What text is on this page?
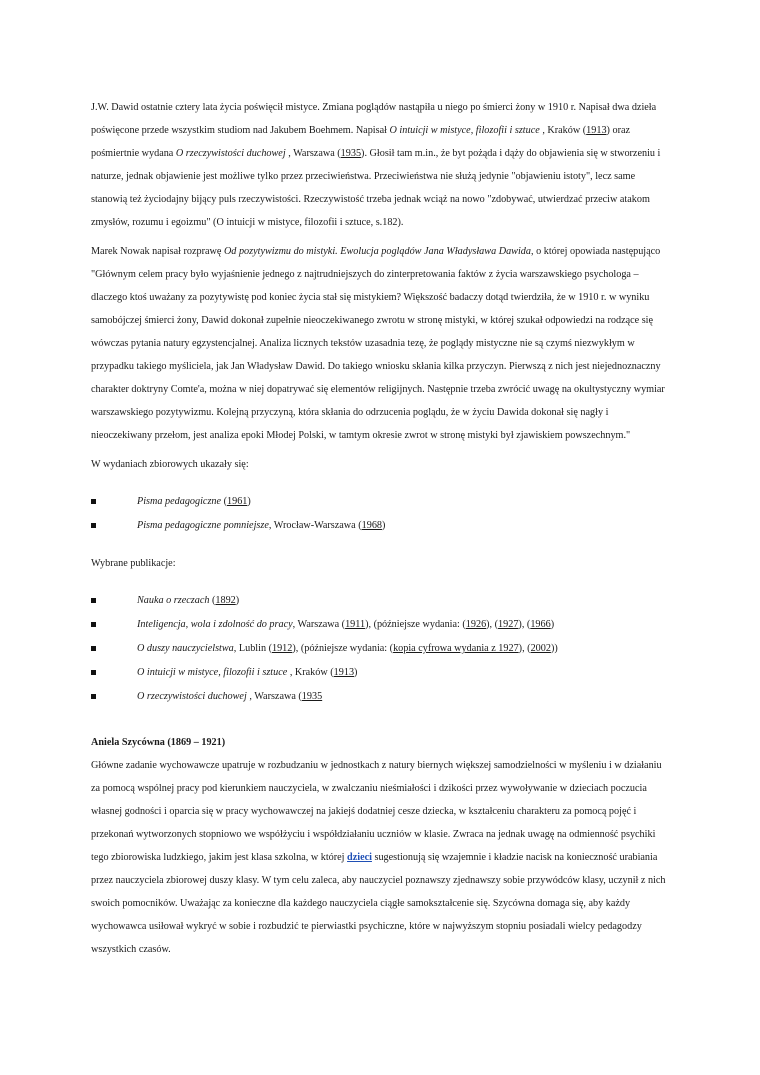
J.W. Dawid ostatnie cztery lata życia poświęcił mistyce. Zmiana poglądów nastąpiła u niego po śmierci żony w 1910 r. Napisał dwa dzieła poświęcone przede wszystkim studiom nad Jakubem Boehmem. Napisał O intuicji w mistyce, filozofii i sztuce , Kraków (1913) oraz pośmiertnie wydana O rzeczywistości duchowej , Warszawa (1935). Głosił tam m.in., że byt pożąda i dąży do objawienia się w stworzeniu i naturze, jednak objawienie jest możliwe tylko przez przeciwieństwa. Przeciwieństwa nie służą jedynie "objawieniu istoty", lecz same stanowią też życiodajny bijący puls rzeczywistości. Rzeczywistość trzeba jednak wciąż na nowo "zdobywać, utwierdzać przeciw atakom zmysłów, rozumu i egoizmu" (O intuicji w mistyce, filozofii i sztuce, s.182).

Marek Nowak napisał rozprawę Od pozytywizmu do mistyki. Ewolucja poglądów Jana Władysława Dawida, o której opowiada następująco "Głównym celem pracy było wyjaśnienie jednego z najtrudniejszych do zinterpretowania faktów z życia warszawskiego psychologa – dlaczego ktoś uważany za pozytywistę pod koniec życia stał się mistykiem? Większość badaczy dotąd twierdziła, że w 1910 r. w wyniku samobójczej śmierci żony, Dawid dokonał zupełnie nieoczekiwanego zwrotu w stronę mistyki, w której szukał odpowiedzi na rodzące się wówczas pytania natury egzystencjalnej. Analiza licznych tekstów uzasadnia tezę, że poglądy mistyczne nie są czymś niezwykłym w przypadku takiego myśliciela, jak Jan Władysław Dawid. Do takiego wniosku skłania kilka przyczyn. Pierwszą z nich jest niejednoznaczny charakter doktryny Comte'a, można w niej dopatrywać się elementów religijnych. Następnie trzeba zwrócić uwagę na okultystyczny wymiar warszawskiego pozytywizmu. Kolejną przyczyną, która skłania do odrzucenia poglądu, że w życiu Dawida dokonał się nagły i nieoczekiwany przełom, jest analiza epoki Młodej Polski, w tamtym okresie zwrot w stronę mistyki był zjawiskiem powszechnym."

W wydaniach zbiorowych ukazały się:

Pisma pedagogiczne (1961)
Pisma pedagogiczne pomniejsze, Wrocław-Warszawa (1968)

Wybrane publikacje:

Nauka o rzeczach (1892)
Inteligencja, wola i zdolność do pracy, Warszawa (1911), (późniejsze wydania: (1926), (1927), (1966)
O duszy nauczycielstwa, Lublin (1912), (późniejsze wydania: (kopia cyfrowa wydania z 1927), (2002))
O intuicji w mistyce, filozofii i sztuce , Kraków (1913)
O rzeczywistości duchowej , Warszawa (1935

Aniela Szycówna (1869 – 1921)

Główne zadanie wychowawcze upatruje w rozbudzaniu w jednostkach z natury biernych większej samodzielności w myśleniu i w działaniu za pomocą wspólnej pracy pod kierunkiem nauczyciela, w zwalczaniu nieśmiałości i dzikości przez wywoływanie w dzieciach poczucia własnej godności i oparcia się w pracy wychowawczej na jakiejś dodatniej cesze dziecka, w kształceniu charakteru za pomocą pojęć i przekonań wytworzonych stopniowo we współżyciu i współdziałaniu uczniów w klasie. Zwraca na jednak uwagę na odmienność psychiki tego zbiorowiska ludzkiego, jakim jest klasa szkolna, w której dzieci sugestionują się wzajemnie i kładzie nacisk na konieczność urabiania przez nauczyciela zbiorowej duszy klasy. W tym celu zaleca, aby nauczyciel poznawszy zjednawszy sobie przywódców klasy, uczynił z nich swoich pomocników. Uważając za konieczne dla każdego nauczyciela ciągłe samokształcenie się. Szycówna domaga się, aby każdy wychowawca usiłował wykryć w sobie i rozbudzić te pierwiastki psychiczne, które w najwyższym stopniu posiadali wielcy pedagodzy wszystkich czasów.
